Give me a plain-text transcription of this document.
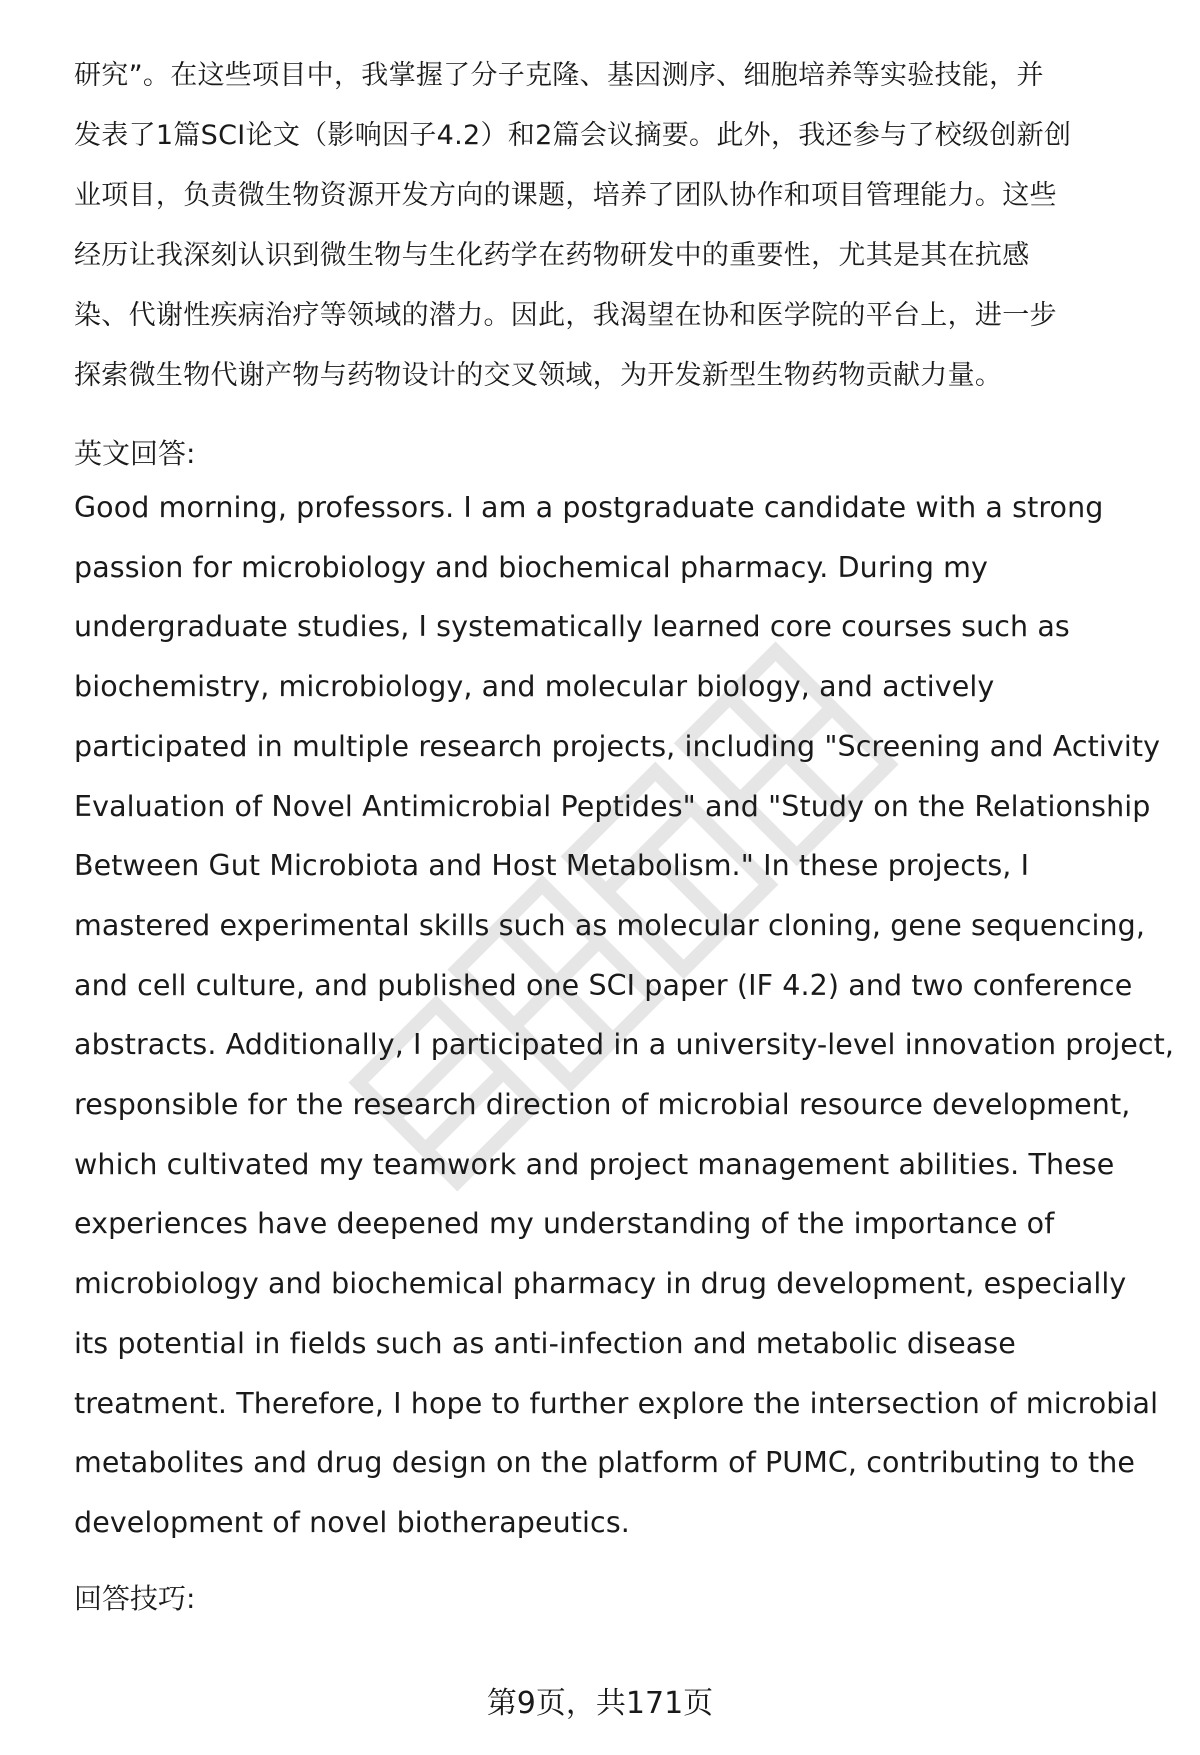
研究”。在这些项目中，我掌握了分子克隆、基因测序、细胞培养等实验技能，并
发表了1篇SCI论文（影响因子4.2）和2篇会议摘要。此外，我还参与了校级创新创
业项目，负责微生物资源开发方向的课题，培养了团队协作和项目管理能力。这些
经历让我深刻认识到微生物与生化药学在药物研发中的重要性，尤其是其在抗感
染、代谢性疾病治疗等领域的潜力。因此，我渴望在协和医学院的平台上，进一步
探索微生物代谢产物与药物设计的交叉领域，为开发新型生物药物贡献力量。

英文回答:

Good morning, professors. I am a postgraduate candidate with a strong
passion for microbiology and biochemical pharmacy. During my
undergraduate studies, I systematically learned core courses such as
biochemistry, microbiology, and molecular biology, and actively
participated in multiple research projects, including "Screening and Activity
Evaluation of Novel Antimicrobial Peptides" and "Study on the Relationship
Between Gut Microbiota and Host Metabolism." In these projects, I
mastered experimental skills such as molecular cloning, gene sequencing,
and cell culture, and published one SCI paper (IF 4.2) and two conference
abstracts. Additionally, I participated in a university-level innovation project,
responsible for the research direction of microbial resource development,
which cultivated my teamwork and project management abilities. These
experiences have deepened my understanding of the importance of
microbiology and biochemical pharmacy in drug development, especially
its potential in fields such as anti-infection and metabolic disease
treatment. Therefore, I hope to further explore the intersection of microbial
metabolites and drug design on the platform of PUMC, contributing to the
development of novel biotherapeutics.

回答技巧:

第9页，共171页
